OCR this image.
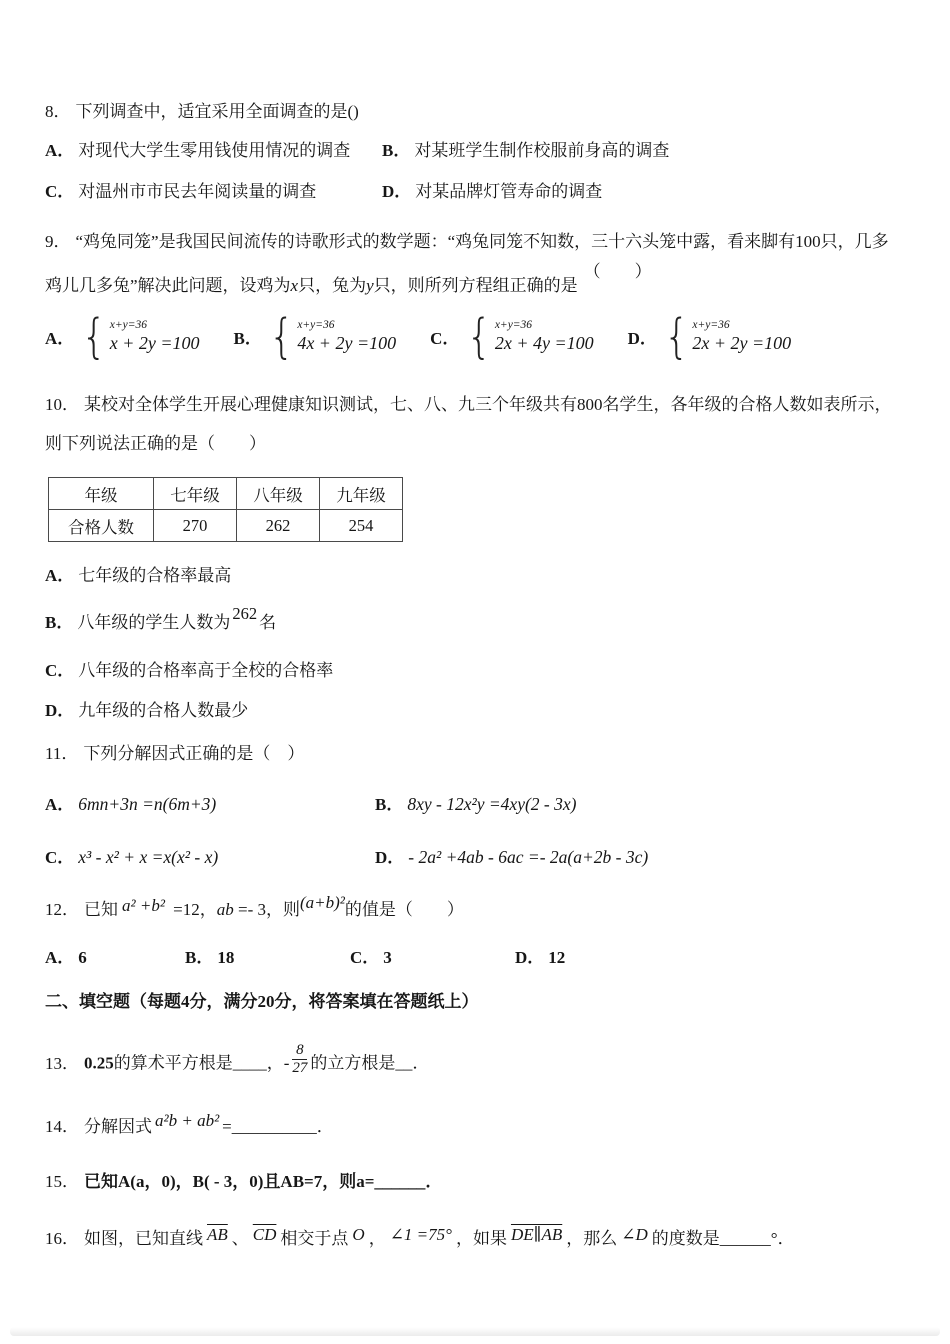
8． 下列调查中，适宜采用全面调查的是()

A． 对现代大学生零用钱使用情况的调查	B． 对某班学生制作校服前身高的调查

C． 对温州市市民去年阅读量的调查	D． 对某品牌灯管寿命的调查

9． “鸡兔同笼”是我国民间流传的诗歌形式的数学题：“鸡兔同笼不知数，三十六头笼中露，看来脚有100只，几多鸡儿几多兔”解决此问题，设鸡为x只，兔为y只，则所列方程组正确的是（　　）

A． { x+y=36
x + 2y =100 B． { x+y=36
4x + 2y =100 C． { x+y=36
2x + 4y =100 D． { x+y=36
2x + 2y =100

10． 某校对全体学生开展心理健康知识测试，七、八、九三个年级共有800名学生，各年级的合格人数如表所示，则下列说法正确的是（　　）

年级	七年级	八年级	九年级
合格人数	270	262	254

A． 七年级的合格率最高

B． 八年级的学生人数为 262 名

C． 八年级的合格率高于全校的合格率

D． 九年级的合格人数最少

11． 下列分解因式正确的是（　）

A． 6mn+3n =n(6m+3)	B． 8xy - 12x²y =4xy(2 - 3x)

C． x³ - x² + x =x(x² - x)	D． - 2a² +4ab - 6ac =- 2a(a+2b - 3c)

12． 已知 a² +b² =12，ab =- 3，则(a+b)²的值是（　　）

A． 6	B． 18	C． 3	D． 12

二、填空题（每题4分，满分20分，将答案填在答题纸上）

13． 0.25的算术平方根是____，- $\frac{8}{27}$ 的立方根是__．

14． 分解因式 a²b + ab² =__________．

15． 已知A(a，0)，B( - 3，0)且AB=7，则a=______．

16． 如图，已知直线 $\overline{AB}$ 、 $\overline{CD}$ 相交于点 O ， ∠1 =75° ，如果 DE∥AB ，那么 ∠D 的度数是______°．
